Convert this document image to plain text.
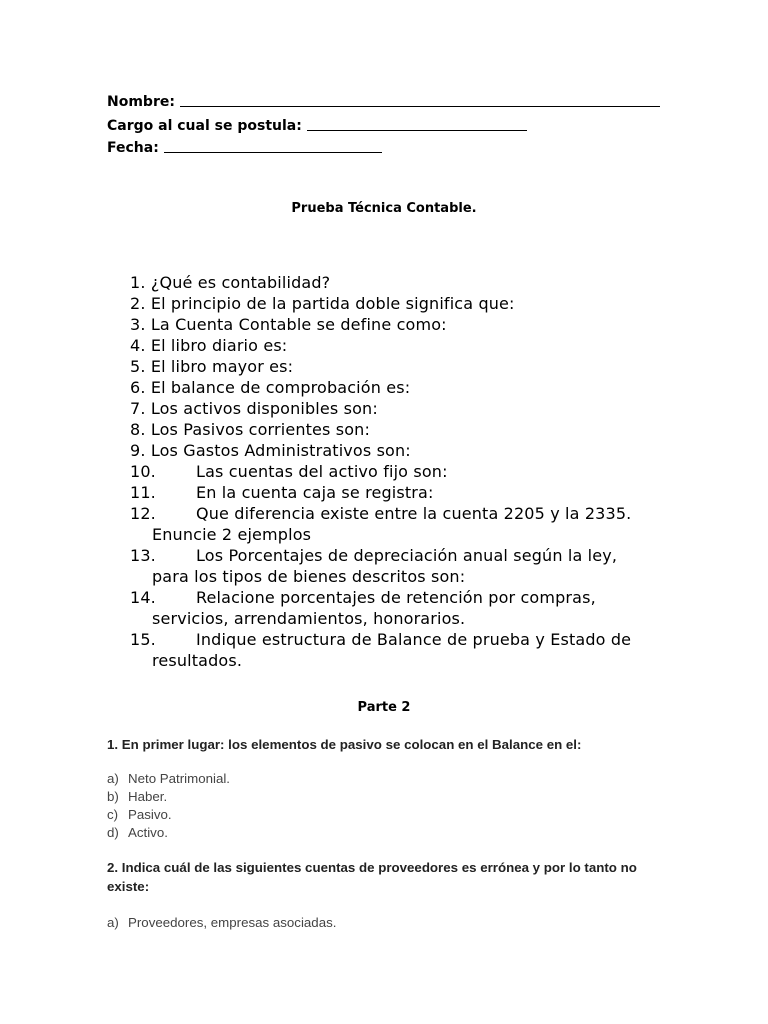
Nombre:
Cargo al cual se postula:
Fecha:
Prueba Técnica Contable.
1. ¿Qué es contabilidad?
2. El principio de la partida doble significa que:
3. La Cuenta Contable se define como:
4. El libro diario es:
5. El libro mayor es:
6. El balance de comprobación es:
7. Los activos disponibles son:
8. Los Pasivos corrientes son:
9. Los Gastos Administrativos son:
10.	Las cuentas del activo fijo son:
11.	En la cuenta caja se registra:
12.	Que diferencia existe entre la cuenta 2205 y la 2335.
Enuncie 2 ejemplos
13.	Los Porcentajes de depreciación anual según la ley,
para los tipos de bienes descritos son:
14.	Relacione porcentajes de retención por compras,
servicios, arrendamientos, honorarios.
15.	Indique estructura de Balance de prueba y Estado de
resultados.
Parte 2
1. En primer lugar: los elementos de pasivo se colocan en el Balance en el:
a) Neto Patrimonial.
b) Haber.
c) Pasivo.
d) Activo.
2. Indica cuál de las siguientes cuentas de proveedores es errónea y por lo tanto no existe:
a) Proveedores, empresas asociadas.
